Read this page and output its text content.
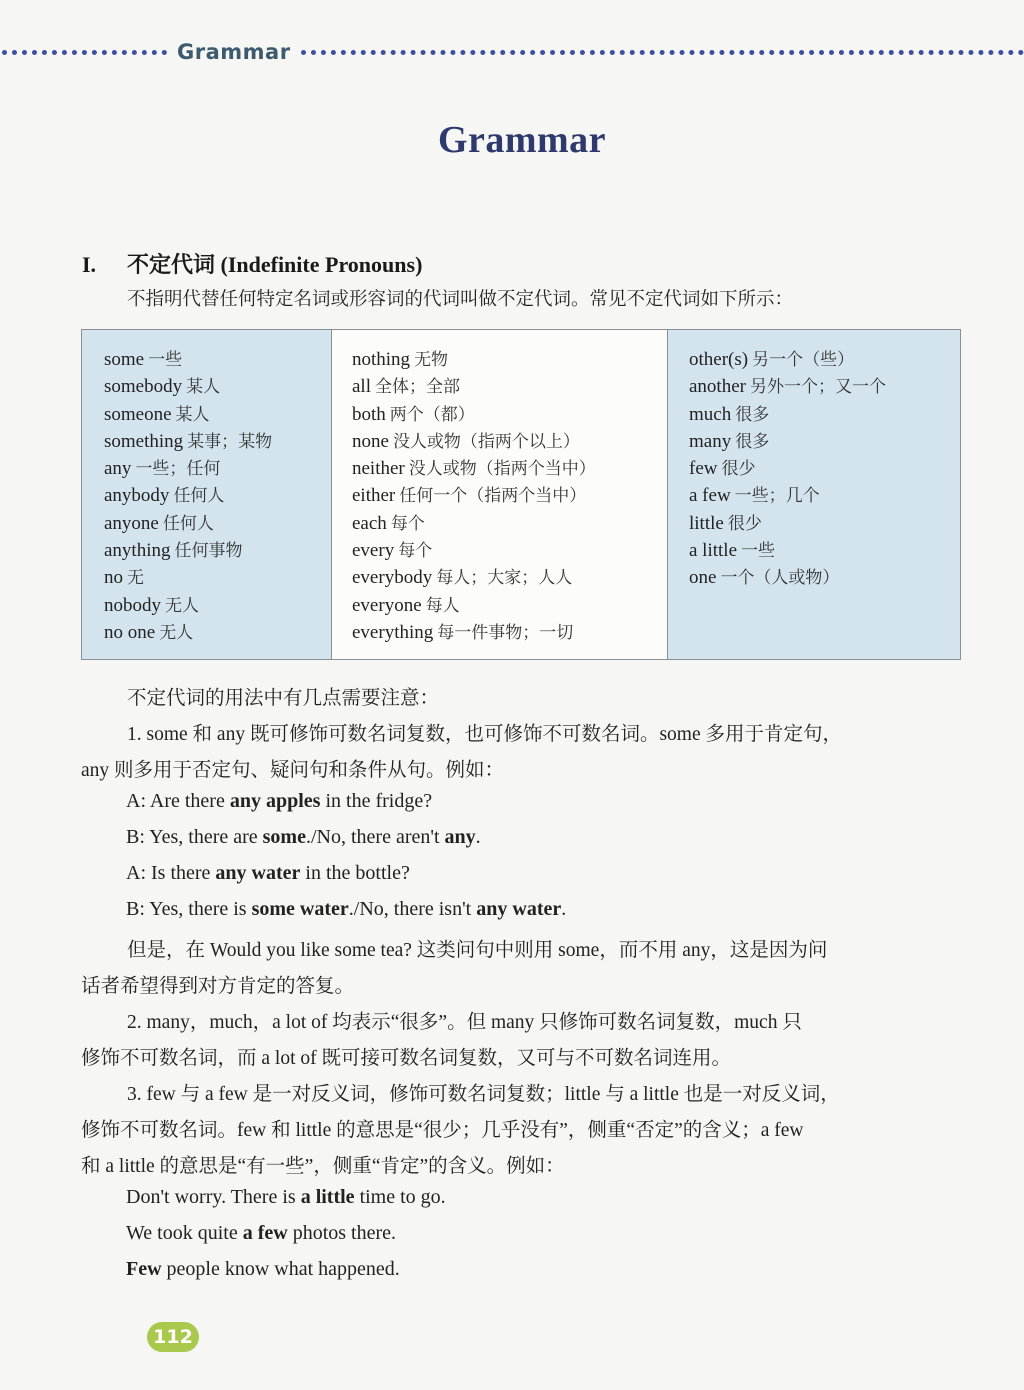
Grammar
Grammar
I. 不定代词 (Indefinite Pronouns)
不指明代替任何特定名词或形容词的代词叫做不定代词。常见不定代词如下所示：
some 一些
somebody 某人
someone 某人
something 某事；某物
any 一些；任何
anybody 任何人
anyone 任何人
anything 任何事物
no 无
nobody 无人
no one 无人
nothing 无物
all 全体；全部
both 两个（都）
none 没人或物（指两个以上）
neither 没人或物（指两个当中）
either 任何一个（指两个当中）
each 每个
every 每个
everybody 每人；大家；人人
everyone 每人
everything 每一件事物；一切
other(s) 另一个（些）
another 另外一个；又一个
much 很多
many 很多
few 很少
a few 一些；几个
little 很少
a little 一些
one 一个（人或物）
不定代词的用法中有几点需要注意：
1. some 和 any 既可修饰可数名词复数，也可修饰不可数名词。some 多用于肯定句，
any 则多用于否定句、疑问句和条件从句。例如：
A: Are there any apples in the fridge?
B: Yes, there are some./No, there aren't any.
A: Is there any water in the bottle?
B: Yes, there is some water./No, there isn't any water.
但是，在 Would you like some tea? 这类问句中则用 some，而不用 any，这是因为问
话者希望得到对方肯定的答复。
2. many，much，a lot of 均表示“很多”。但 many 只修饰可数名词复数，much 只
修饰不可数名词，而 a lot of 既可接可数名词复数，又可与不可数名词连用。
3. few 与 a few 是一对反义词，修饰可数名词复数；little 与 a little 也是一对反义词，
修饰不可数名词。few 和 little 的意思是“很少；几乎没有”，侧重“否定”的含义；a few
和 a little 的意思是“有一些”，侧重“肯定”的含义。例如：
Don't worry. There is a little time to go.
We took quite a few photos there.
Few people know what happened.
112
